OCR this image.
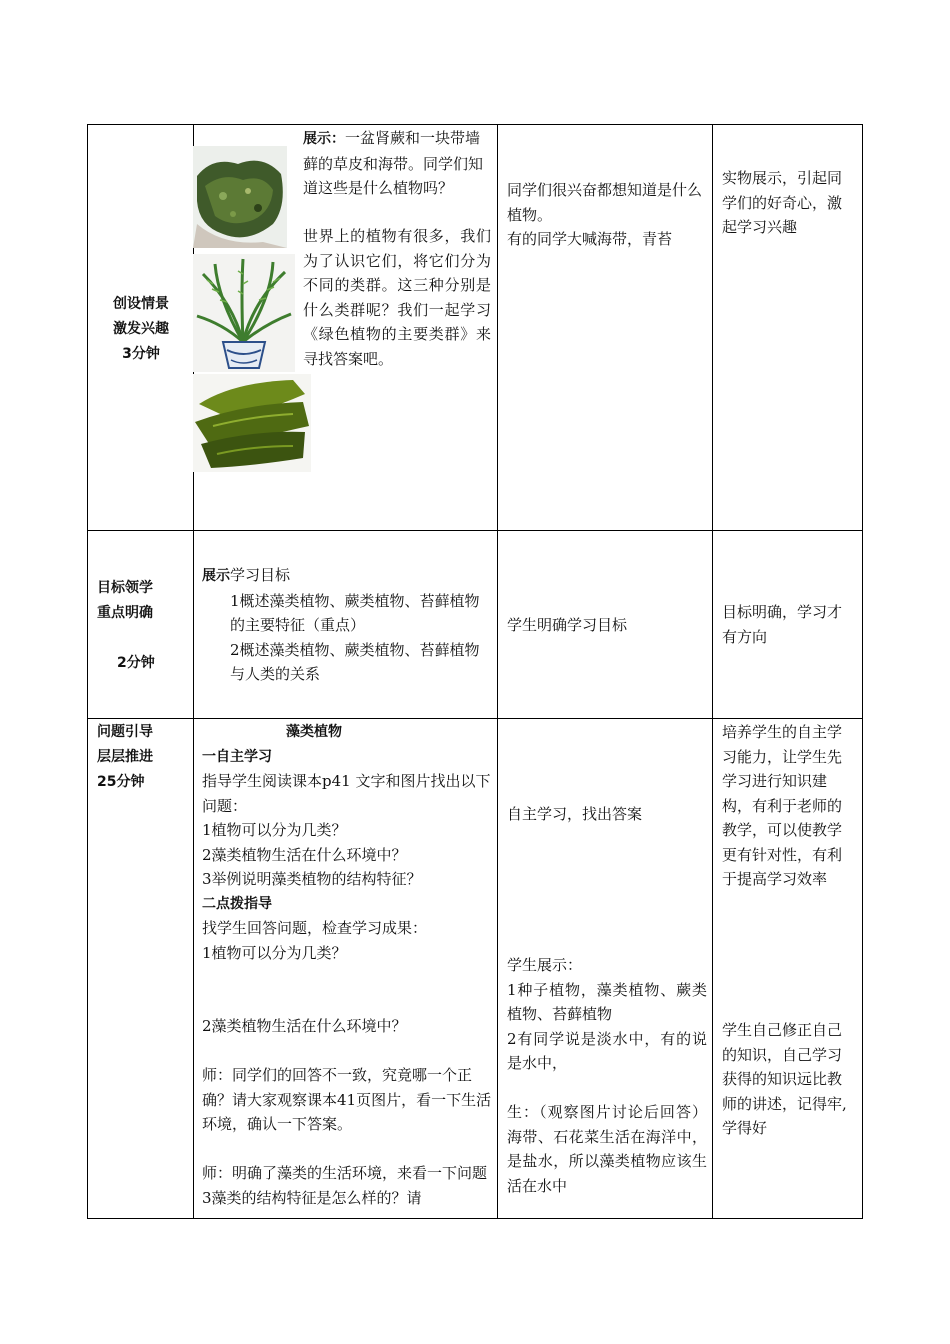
创设情景
激发兴趣
3分钟
展示：一盆肾蕨和一块带墙藓的草皮和海带。同学们知道这些是什么植物吗？
世界上的植物有很多，我们为了认识它们，将它们分为不同的类群。这三种分别是什么类群呢？我们一起学习《绿色植物的主要类群》来寻找答案吧。
同学们很兴奋都想知道是什么植物。
有的同学大喊海带，青苔
实物展示，引起同学们的好奇心，激起学习兴趣
目标领学
重点明确
2分钟
展示学习目标
1概述藻类植物、蕨类植物、苔藓植物的主要特征（重点）
2概述藻类植物、蕨类植物、苔藓植物与人类的关系
学生明确学习目标
目标明确，学习才有方向
问题引导
层层推进
25分钟
藻类植物
一自主学习
指导学生阅读课本p41 文字和图片找出以下问题：
1植物可以分为几类？
2藻类植物生活在什么环境中？
3举例说明藻类植物的结构特征？
二点拨指导
找学生回答问题，检查学习成果：
1植物可以分为几类？
2藻类植物生活在什么环境中？
师：同学们的回答不一致，究竟哪一个正确？请大家观察课本41页图片，看一下生活环境，确认一下答案。
师：明确了藻类的生活环境，来看一下问题3藻类的结构特征是怎么样的？请
自主学习，找出答案
学生展示：
1种子植物，藻类植物、蕨类植物、苔藓植物
2有同学说是淡水中，有的说是水中，
生：（观察图片讨论后回答）海带、石花菜生活在海洋中，是盐水，所以藻类植物应该生活在水中
培养学生的自主学习能力，让学生先学习进行知识建构，有利于老师的教学，可以使教学更有针对性，有利于提高学习效率
学生自己修正自己的知识，自己学习获得的知识远比教师的讲述，记得牢,学得好
